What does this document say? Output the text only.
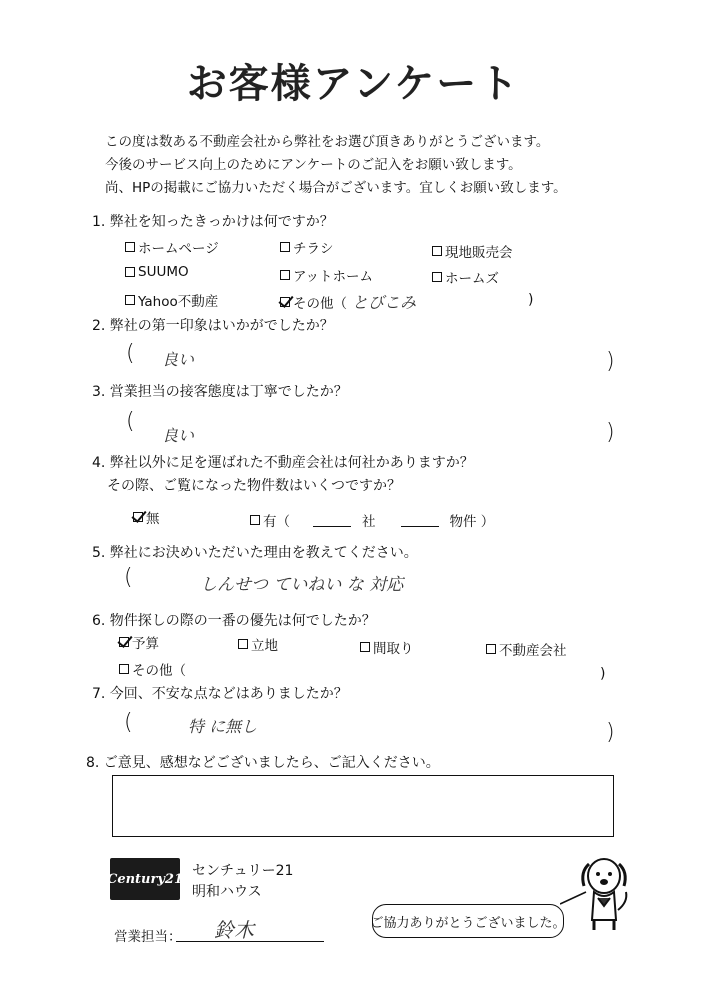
お客様アンケート
この度は数ある不動産会社から弊社をお選び頂きありがとうございます。
今後のサービス向上のためにアンケートのご記入をお願い致します。
尚、HPの掲載にご協力いただく場合がございます。宜しくお願い致します。
1. 弊社を知ったきっかけは何ですか？
ホームページ	チラシ	現地販売会
SUUMO	アットホーム	ホームズ
Yahoo不動産	その他（ とびこみ	)
2. 弊社の第一印象はいかがでしたか？
( 良い	)
3. 営業担当の接客態度は丁寧でしたか？
(
良い	)
4. 弊社以外に足を運ばれた不動産会社は何社かありますか？
その際、ご覧になった物件数はいくつですか？
無	有（	社	物件 ）
5. 弊社にお決めいただいた理由を教えてください。
(	しんせつ ていねい な 対応
6. 物件探しの際の一番の優先は何でしたか？
予算	立地	間取り	不動産会社
その他（	)
7. 今回、不安な点などはありましたか？
(	特 に無し	)
8. ご意見、感想などございましたら、ご記入ください。
Century21 センチュリー21
明和ハウス
営業担当： 鈴木	ご協力ありがとうございました。
